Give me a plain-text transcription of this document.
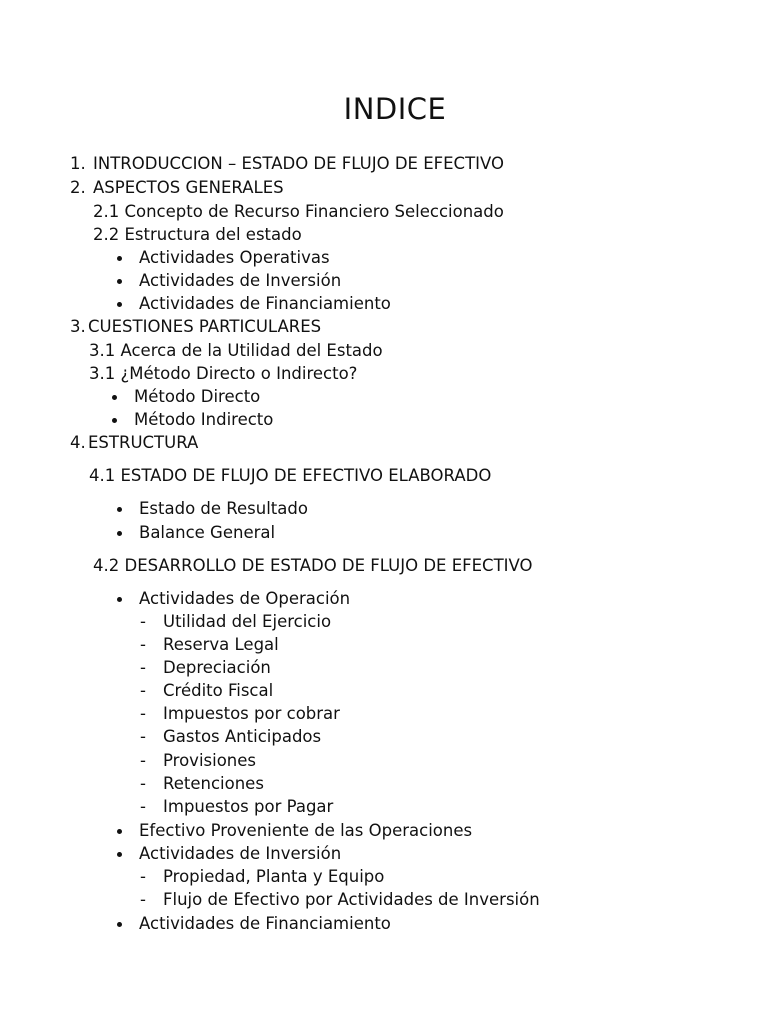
INDICE
1. INTRODUCCION – ESTADO DE FLUJO DE EFECTIVO
2. ASPECTOS GENERALES
2.1 Concepto de Recurso Financiero Seleccionado
2.2 Estructura del estado
Actividades Operativas
Actividades de Inversión
Actividades de Financiamiento
3. CUESTIONES PARTICULARES
3.1 Acerca de la Utilidad del Estado
3.1 ¿Método Directo o Indirecto?
Método Directo
Método Indirecto
4. ESTRUCTURA
4.1 ESTADO DE FLUJO DE EFECTIVO ELABORADO
Estado de Resultado
Balance General
4.2 DESARROLLO DE ESTADO DE FLUJO DE EFECTIVO
Actividades de Operación
- Utilidad del Ejercicio
- Reserva Legal
- Depreciación
- Crédito Fiscal
- Impuestos por cobrar
- Gastos Anticipados
- Provisiones
- Retenciones
- Impuestos por Pagar
Efectivo Proveniente de las Operaciones
Actividades de Inversión
- Propiedad, Planta y Equipo
- Flujo de Efectivo por Actividades de Inversión
Actividades de Financiamiento
